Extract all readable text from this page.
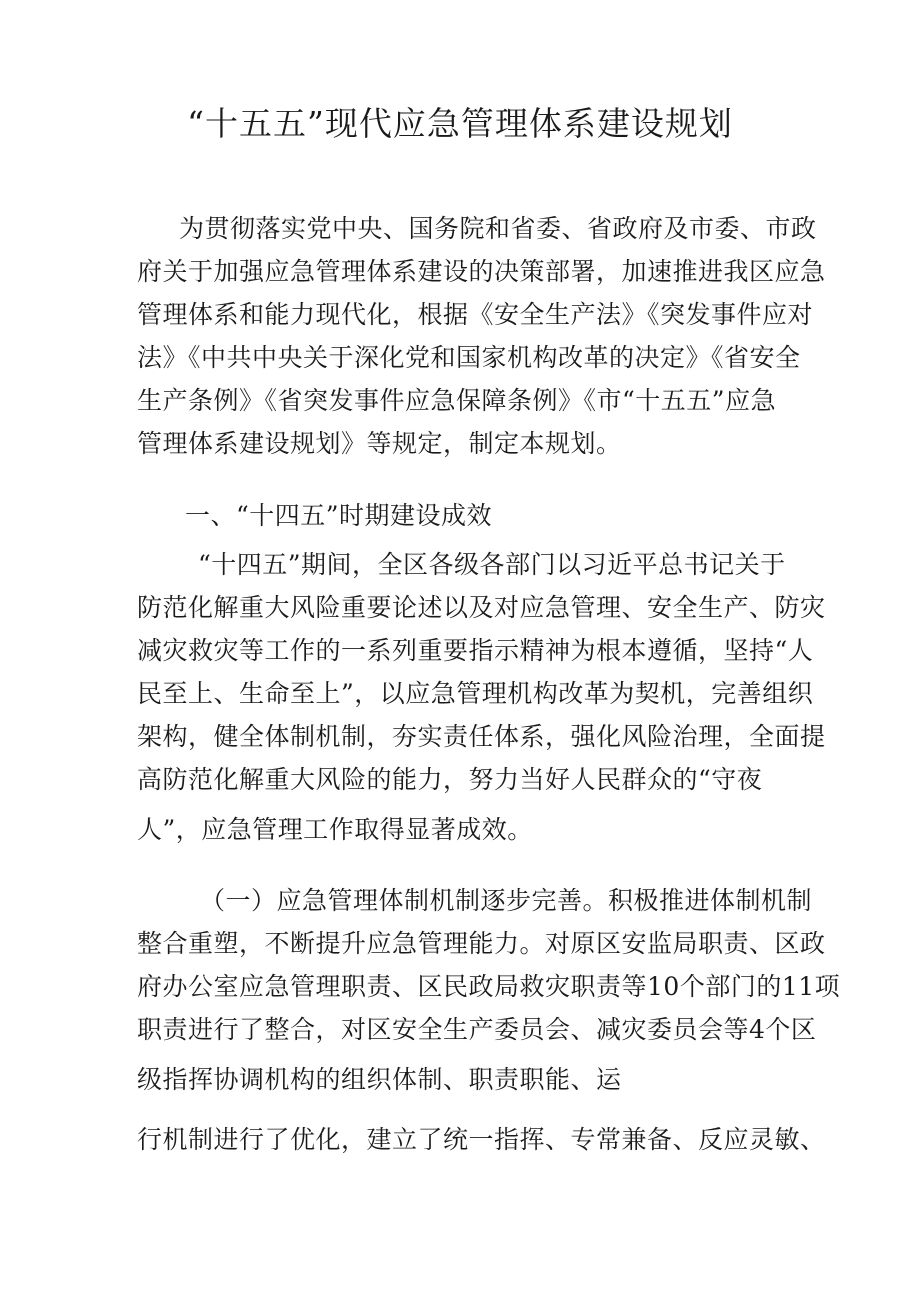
“十五五”现代应急管理体系建设规划
为贯彻落实党中央、国务院和省委、省政府及市委、市政
府关于加强应急管理体系建设的决策部署，加速推进我区应急
管理体系和能力现代化，根据《安全生产法》《突发事件应对
法》《中共中央关于深化党和国家机构改革的决定》《省安全
生产条例》《省突发事件应急保障条例》《市“十五五”应急
管理体系建设规划》等规定，制定本规划。
一、“十四五”时期建设成效
“十四五”期间，全区各级各部门以习近平总书记关于
防范化解重大风险重要论述以及对应急管理、安全生产、防灾
减灾救灾等工作的一系列重要指示精神为根本遵循，坚持“人
民至上、生命至上”，以应急管理机构改革为契机，完善组织
架构，健全体制机制，夯实责任体系，强化风险治理，全面提
高防范化解重大风险的能力，努力当好人民群众的“守夜
人”，应急管理工作取得显著成效。
（一）应急管理体制机制逐步完善。积极推进体制机制
整合重塑，不断提升应急管理能力。对原区安监局职责、区政
府办公室应急管理职责、区民政局救灾职责等10个部门的11项
职责进行了整合，对区安全生产委员会、减灾委员会等4个区
级指挥协调机构的组织体制、职责职能、运
行机制进行了优化，建立了统一指挥、专常兼备、反应灵敏、
